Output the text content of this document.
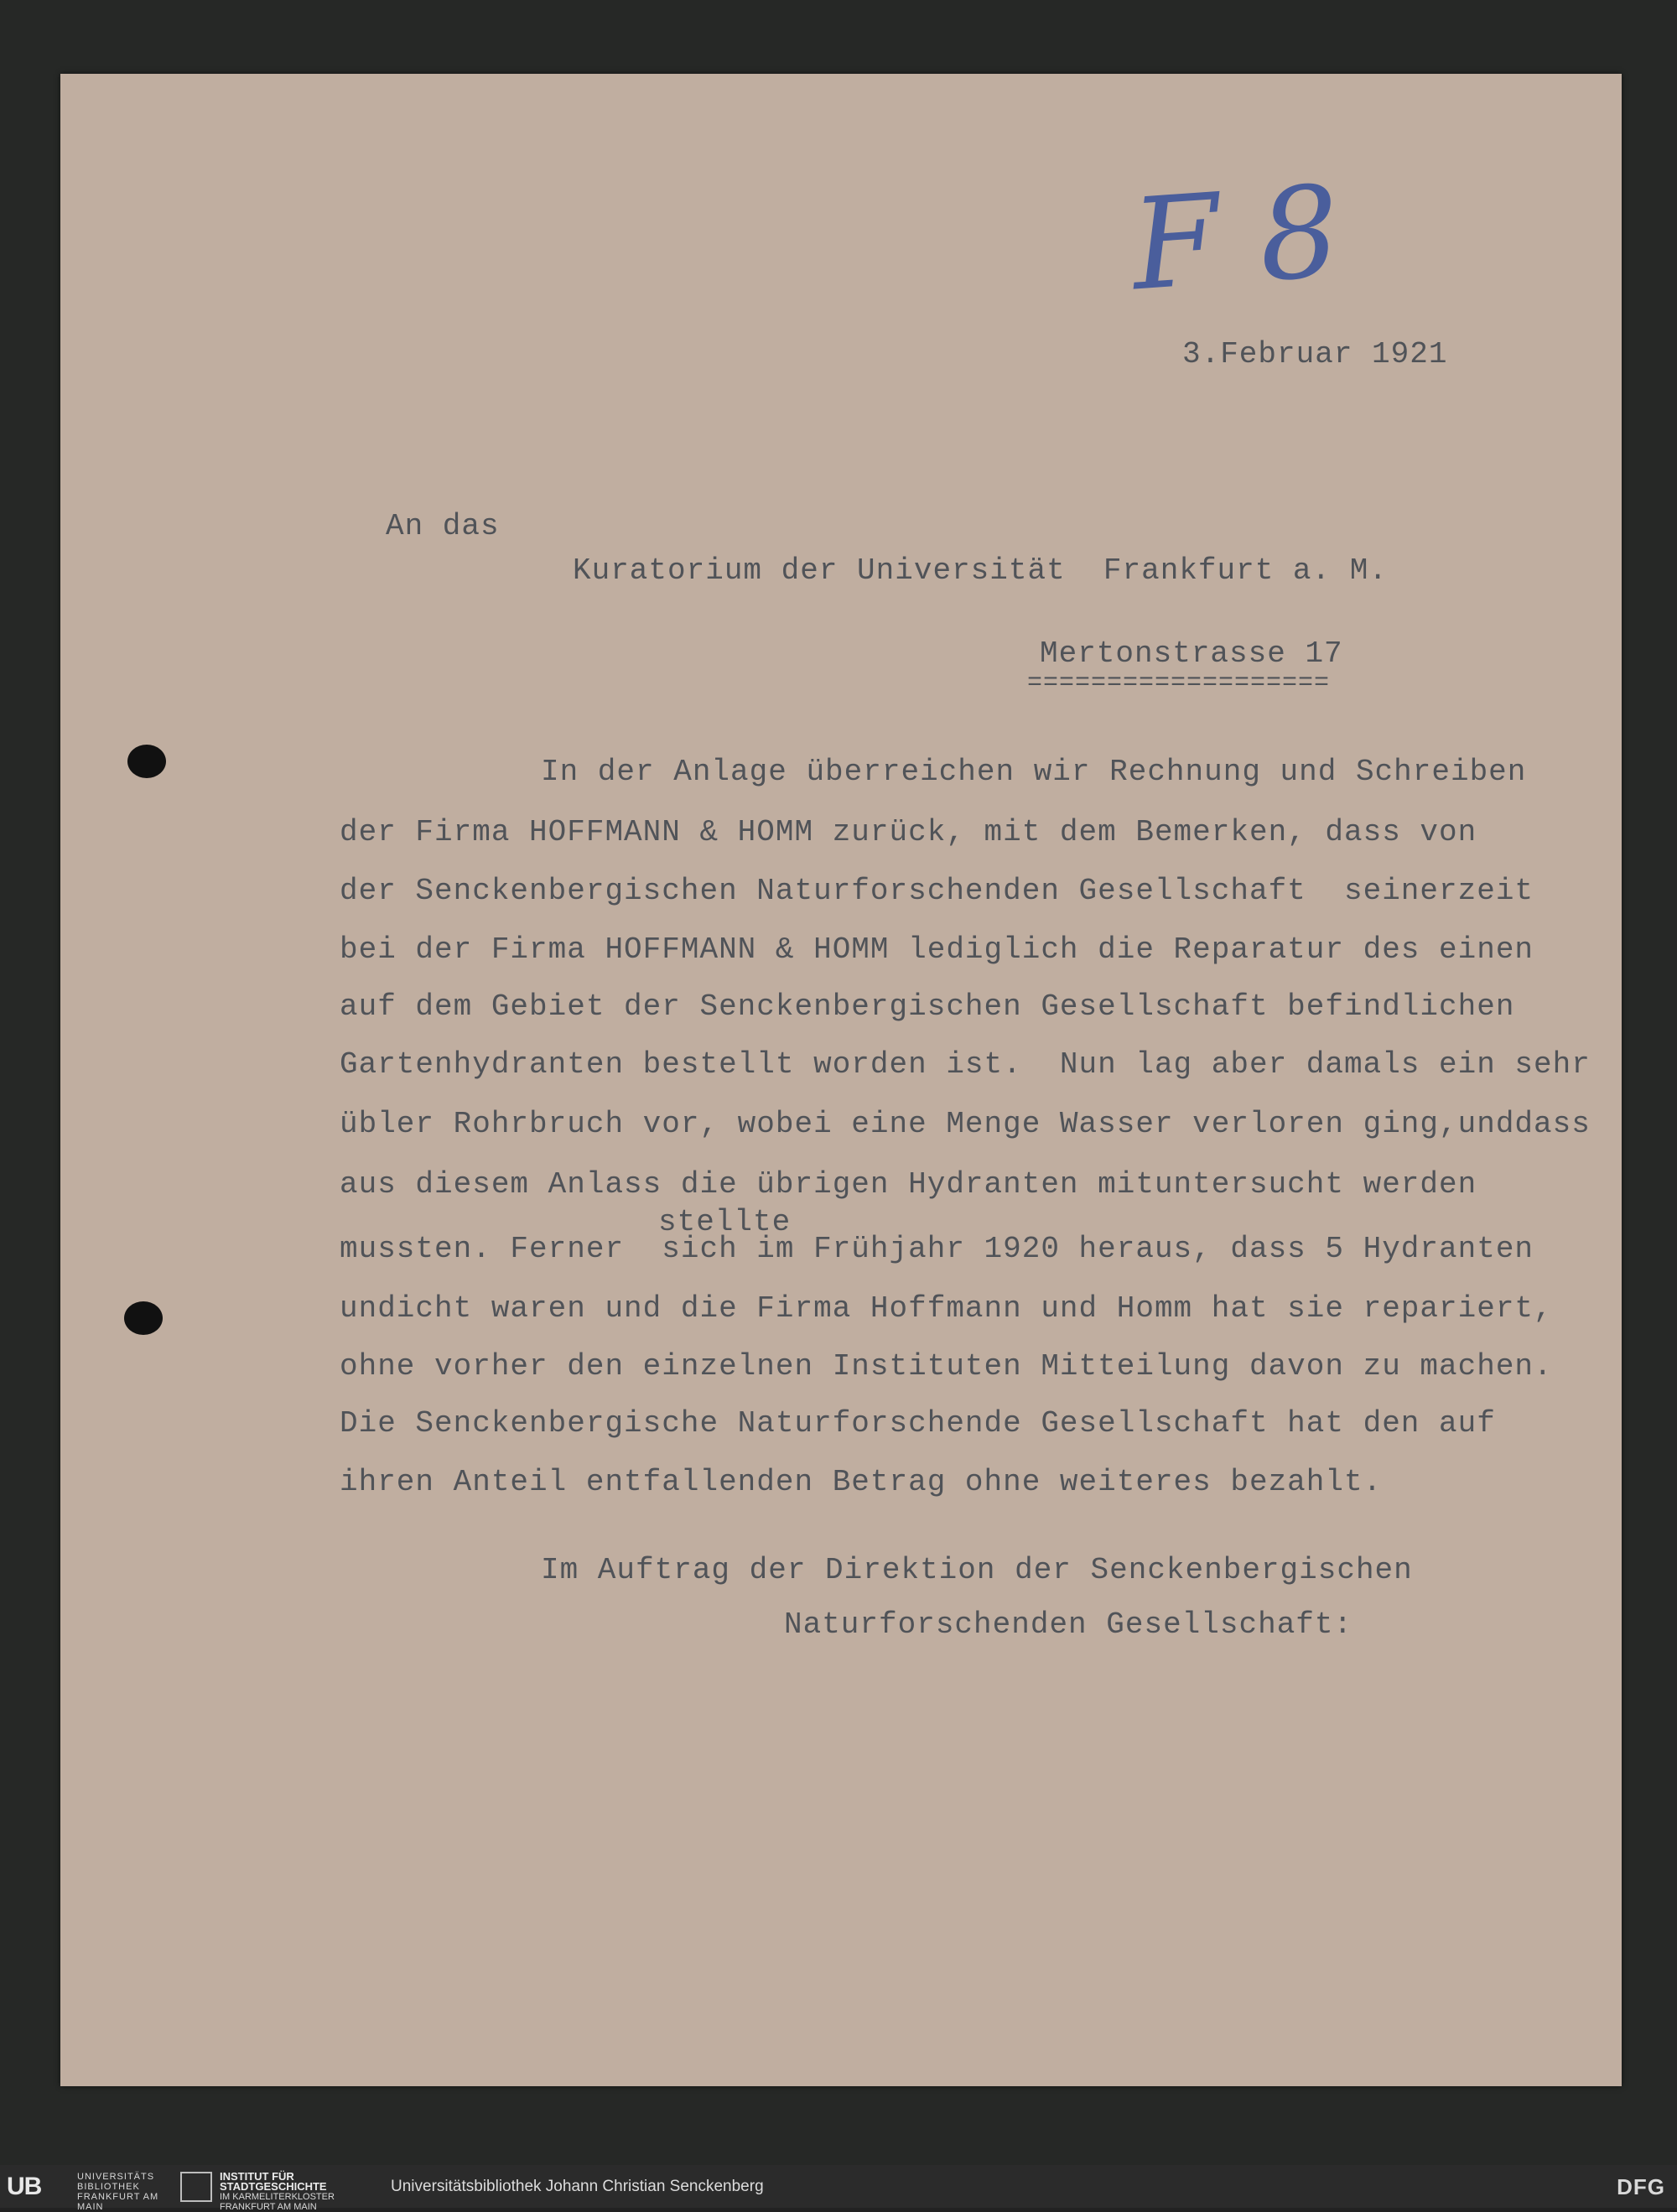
F 8
3.Februar 1921
An das
Kuratorium der Universität  Frankfurt a. M.
Mertonstrasse 17
===================
In der Anlage überreichen wir Rechnung und Schreiben
der Firma HOFFMANN & HOMM zurück, mit dem Bemerken, dass von
der Senckenbergischen Naturforschenden Gesellschaft  seinerzeit
bei der Firma HOFFMANN & HOMM lediglich die Reparatur des einen
auf dem Gebiet der Senckenbergischen Gesellschaft befindlichen
Gartenhydranten bestellt worden ist.  Nun lag aber damals ein sehr
übler Rohrbruch vor, wobei eine Menge Wasser verloren ging,unddass
aus diesem Anlass die übrigen Hydranten mituntersucht werden
stellte
mussten. Ferner  sich im Frühjahr 1920 heraus, dass 5 Hydranten
undicht waren und die Firma Hoffmann und Homm hat sie repariert,
ohne vorher den einzelnen Instituten Mitteilung davon zu machen.
Die Senckenbergische Naturforschende Gesellschaft hat den auf
ihren Anteil entfallenden Betrag ohne weiteres bezahlt.
Im Auftrag der Direktion der Senckenbergischen
Naturforschenden Gesellschaft:
UB	UNIVERSITÄTS BIBLIOTHEK FRANKFURT AM MAIN
INSTITUT FÜR STADTGESCHICHTE
IM KARMELITERKLOSTER FRANKFURT AM MAIN
Universitätsbibliothek Johann Christian Senckenberg	DFG
